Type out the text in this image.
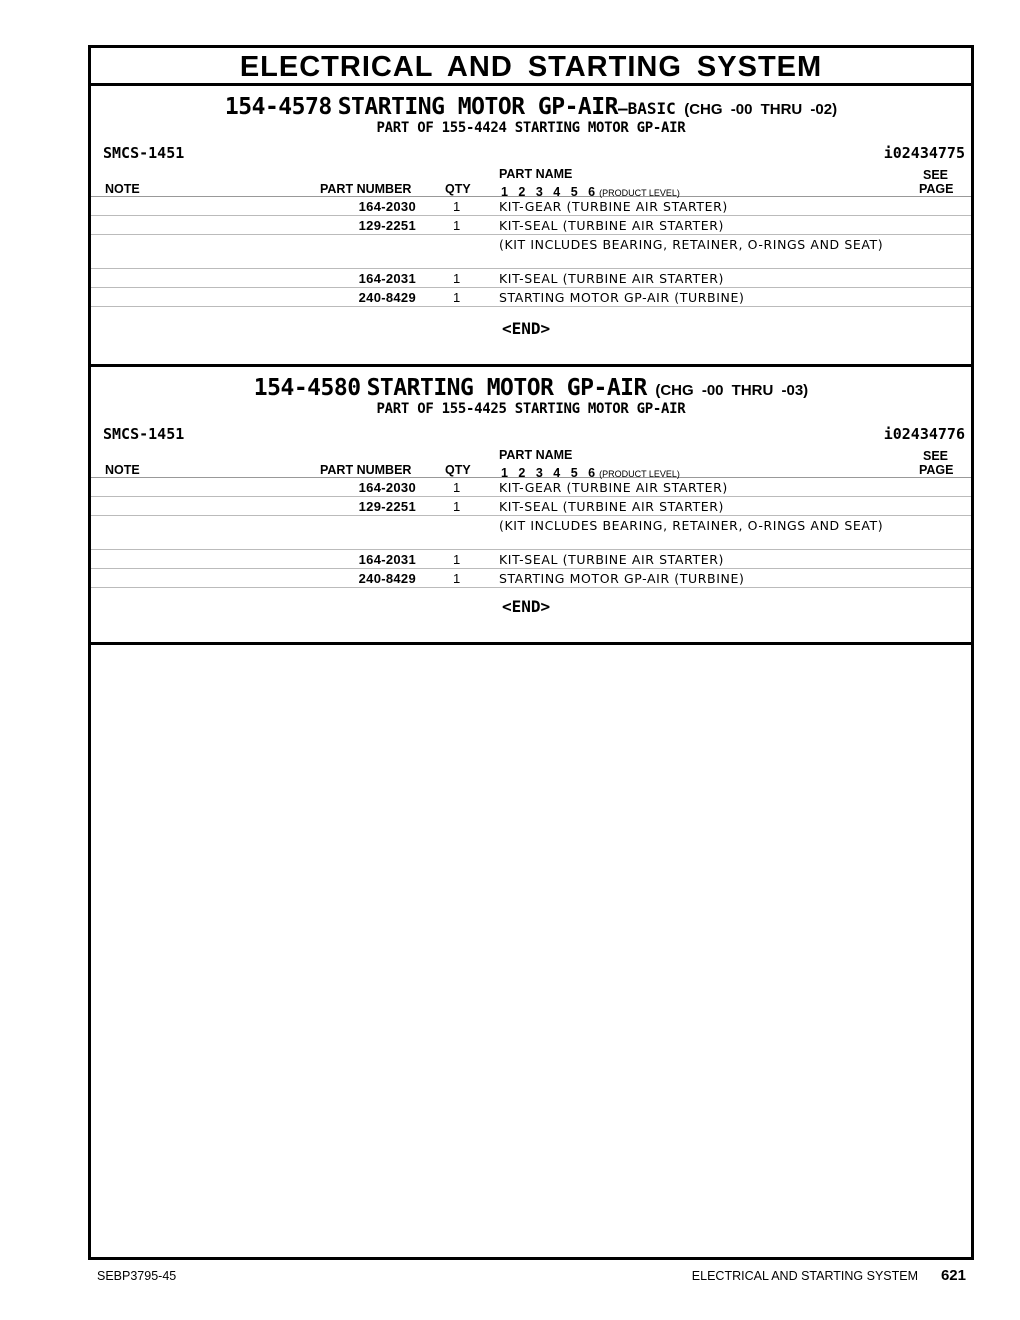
ELECTRICAL AND STARTING SYSTEM
154-4578 STARTING MOTOR GP-AIR—BASIC (CHG -00 THRU -02)
PART OF 155-4424 STARTING MOTOR GP-AIR
SMCS-1451	i02434775
NOTE	PART NUMBER	QTY
PART NAME
1 2 3 4 5 6 (PRODUCT LEVEL)
SEE
PAGE
164-2030	1	KIT-GEAR (TURBINE AIR STARTER)
129-2251	1	KIT-SEAL (TURBINE AIR STARTER)
(KIT INCLUDES BEARING, RETAINER, O-RINGS AND SEAT)
164-2031	1	KIT-SEAL (TURBINE AIR STARTER)
240-8429	1	STARTING MOTOR GP-AIR (TURBINE)
<END>
154-4580 STARTING MOTOR GP-AIR (CHG -00 THRU -03)
PART OF 155-4425 STARTING MOTOR GP-AIR
SMCS-1451	i02434776
NOTE	PART NUMBER	QTY
PART NAME
1 2 3 4 5 6 (PRODUCT LEVEL)
SEE
PAGE
164-2030	1	KIT-GEAR (TURBINE AIR STARTER)
129-2251	1	KIT-SEAL (TURBINE AIR STARTER)
(KIT INCLUDES BEARING, RETAINER, O-RINGS AND SEAT)
164-2031	1	KIT-SEAL (TURBINE AIR STARTER)
240-8429	1	STARTING MOTOR GP-AIR (TURBINE)
<END>
SEBP3795-45	ELECTRICAL AND STARTING SYSTEM 621
